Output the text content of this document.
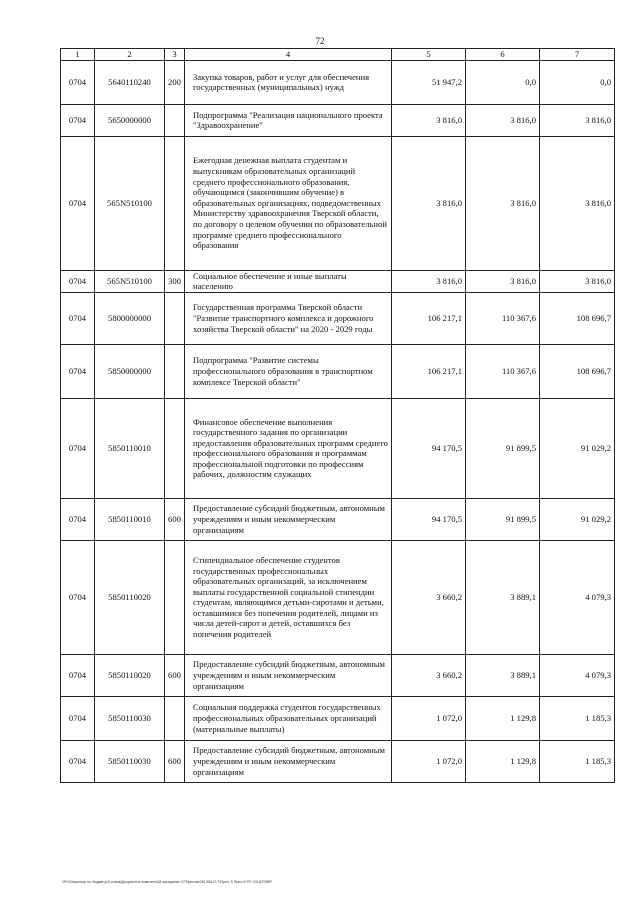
72
1	2	3	4	5	6	7
0704	5640110240	200	Закупка товаров, работ и услуг для обеспечения государственных (муниципальных) нужд	51 947,2	0,0	0,0
0704	5650000000		Подпрограмма "Реализация национального проекта "Здравоохранение"	3 816,0	3 816,0	3 816,0
0704	565N510100		Ежегодная денежная выплата студентам и выпускникам образовательных организаций среднего профессионального образования, обучающимся (закончившим обучение) в образовательных организациях, подведомственных Министерству здравоохранения Тверской области, по договору о целевом обучении по образовательной программе среднего профессионального образования	3 816,0	3 816,0	3 816,0
0704	565N510100	300	Социальное обеспечение и иные выплаты населению	3 816,0	3 816,0	3 816,0
0704	5800000000		Государственная программа Тверской области "Развитие транспортного комплекса и дорожного хозяйства Тверской области" на 2020 - 2029 годы	106 217,1	110 367,6	108 696,7
0704	5850000000		Подпрограмма "Развитие системы профессионального образования в транспортном комплексе Тверской области"	106 217,1	110 367,6	108 696,7
0704	5850110010		Финансовое обеспечение выполнения государственного задания по организации предоставления образовательных программ среднего профессионального образования и программам профессиональной подготовки по профессиям рабочих, должностям служащих	94 170,5	91 899,5	91 029,2
0704	5850110010	600	Предоставление субсидий бюджетным, автономным учреждениям и иным некоммерческим организациям	94 170,5	91 899,5	91 029,2
0704	5850110020		Стипендиальное обеспечение студентов государственных профессиональных образовательных организаций, за исключением выплаты государственной социальной стипендии студентам, являющимся детьми-сиротами и детьми, оставшимися без попечения родителей, лицами из числа детей-сирот и детей, оставшихся без попечения родителей	3 660,2	3 889,1	4 079,3
0704	5850110020	600	Предоставление субсидий бюджетным, автономным учреждениям и иным некоммерческим организациям	3 660,2	3 889,1	4 079,3
0704	5850110030		Социальная поддержка студентов государственных профессиональных образовательных организаций (материальные выплаты)	1 072,0	1 129,8	1 185,3
0704	5850110030	600	Предоставление субсидий бюджетным, автономным учреждениям и иным некоммерческим организациям	1 072,0	1 129,8	1 185,3
\\Pr0\Законопр по бюджету\3 созыв\Документы комитета\28 заседание 07\Прилож\28) 508-П-7\Прил. 5 Прил 8 РП, ЮЦСР,КВР
